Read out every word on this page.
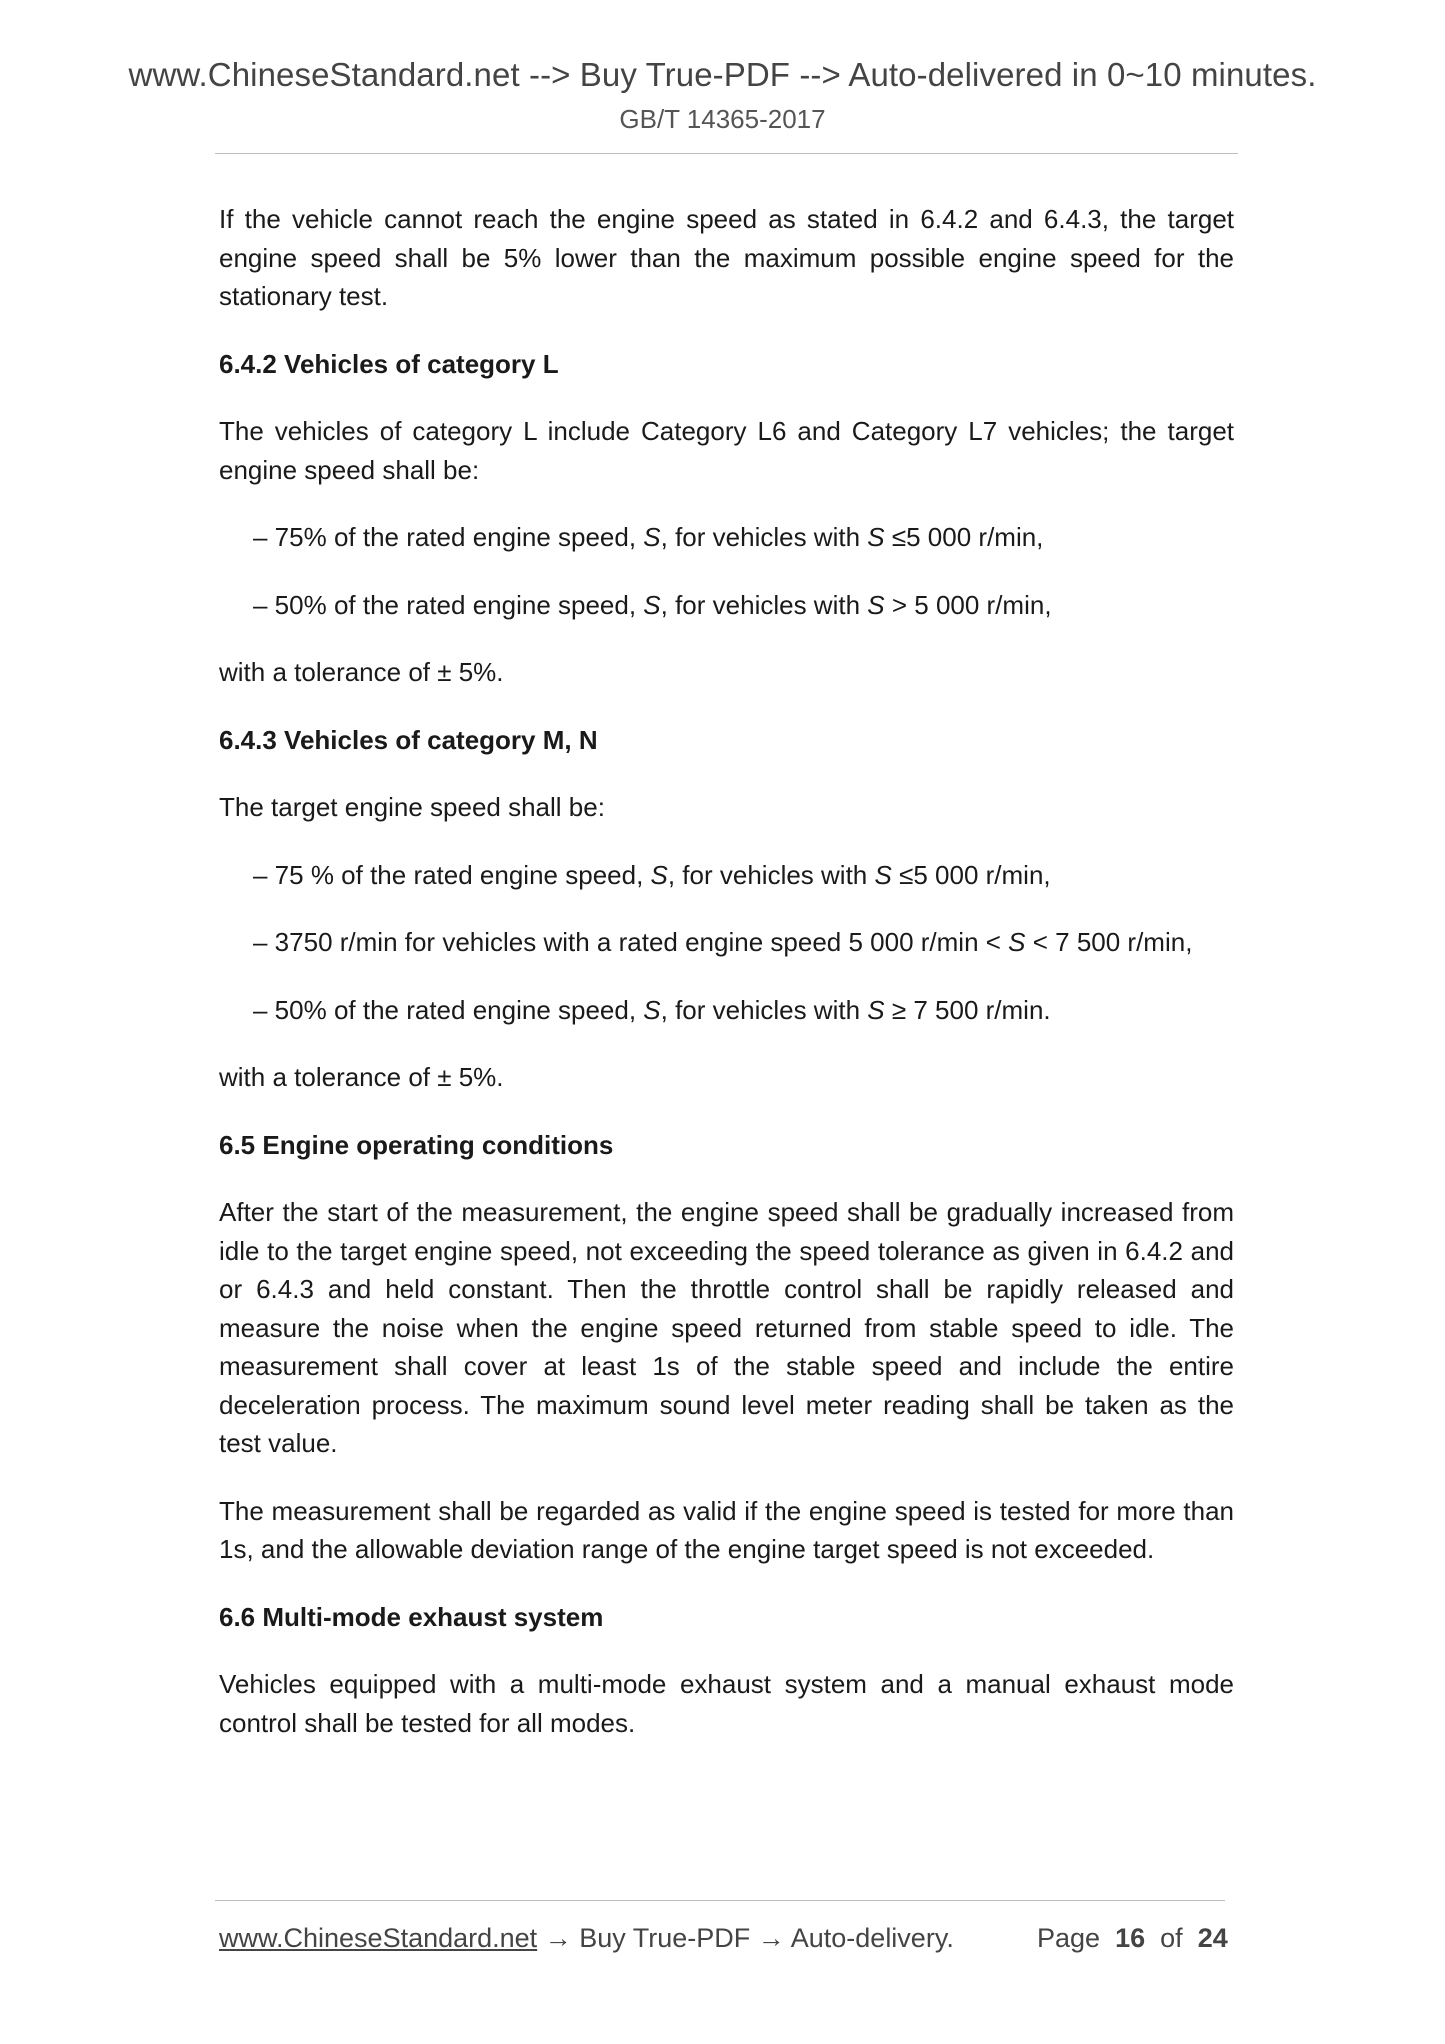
www.ChineseStandard.net --> Buy True-PDF --> Auto-delivered in 0~10 minutes.
GB/T 14365-2017

If the vehicle cannot reach the engine speed as stated in 6.4.2 and 6.4.3, the target engine speed shall be 5% lower than the maximum possible engine speed for the stationary test.

6.4.2 Vehicles of category L

The vehicles of category L include Category L6 and Category L7 vehicles; the target engine speed shall be:

– 75% of the rated engine speed, S, for vehicles with S ≤5 000 r/min,

– 50% of the rated engine speed, S, for vehicles with S > 5 000 r/min,

with a tolerance of ± 5%.

6.4.3 Vehicles of category M, N

The target engine speed shall be:

– 75 % of the rated engine speed, S, for vehicles with S ≤5 000 r/min,

– 3750 r/min for vehicles with a rated engine speed 5 000 r/min < S < 7 500 r/min,

– 50% of the rated engine speed, S, for vehicles with S ≥ 7 500 r/min.

with a tolerance of ± 5%.

6.5 Engine operating conditions

After the start of the measurement, the engine speed shall be gradually increased from idle to the target engine speed, not exceeding the speed tolerance as given in 6.4.2 and or 6.4.3 and held constant. Then the throttle control shall be rapidly released and measure the noise when the engine speed returned from stable speed to idle. The measurement shall cover at least 1s of the stable speed and include the entire deceleration process. The maximum sound level meter reading shall be taken as the test value.

The measurement shall be regarded as valid if the engine speed is tested for more than 1s, and the allowable deviation range of the engine target speed is not exceeded.

6.6 Multi-mode exhaust system

Vehicles equipped with a multi-mode exhaust system and a manual exhaust mode control shall be tested for all modes.

www.ChineseStandard.net → Buy True-PDF → Auto-delivery.	Page 16 of 24
